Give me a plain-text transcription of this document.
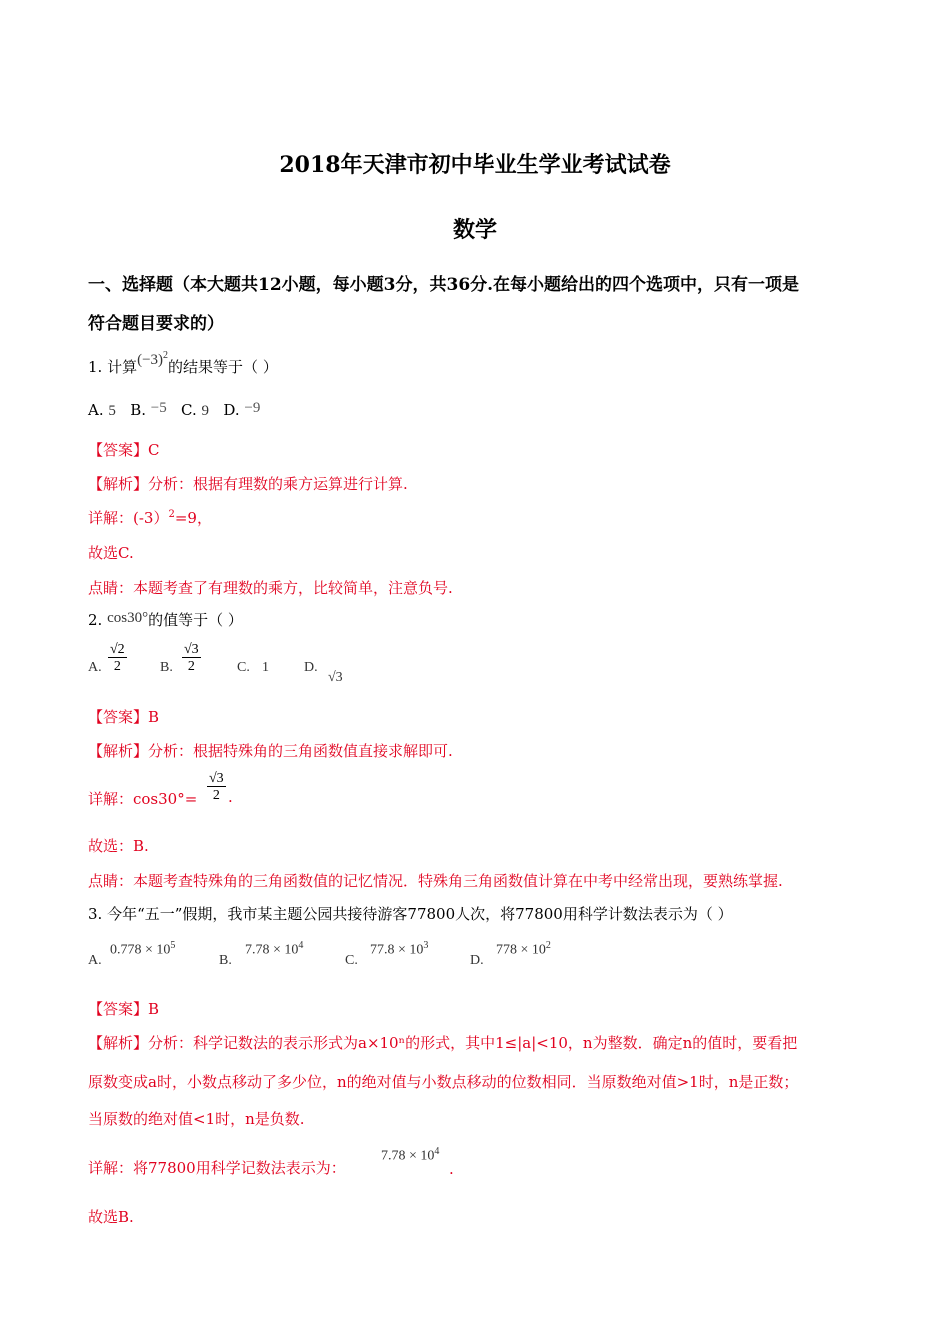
2018年天津市初中毕业生学业考试试卷
数学
一、选择题（本大题共12小题，每小题3分，共36分.在每小题给出的四个选项中，只有一项是
符合题目要求的）
1. 计算$(-3)^2$的结果等于（ ）
A. 5 B. −5 C. 9 D. −9
【答案】C
【解析】分析：根据有理数的乘方运算进行计算.
详解：(-3）$^2$=9，
故选C.
点睛：本题考查了有理数的乘方，比较简单，注意负号.
2. cos30°的值等于（ ）
A. $\frac{√2}{2} B$. $\frac{√3}{2}$	C. 1	D.
√3
【答案】B
【解析】分析：根据特殊角的三角函数值直接求解即可.
详解：$\cos 30^\circ= \frac{√3}{2}$ .
故选：B.
点睛：本题考查特殊角的三角函数值的记忆情况．特殊角三角函数值计算在中考中经常出现，要熟练掌握.
3. 今年“五一”假期，我市某主题公园共接待游客77800人次，将77800用科学计数法表示为（ ）
A.
$0.778 \times 10^5$
B.
$7.78 \times 10^4$
C.
$77.8 \times 10^3$
D.
$778 \times 10^2$
【答案】B
【解析】分析：科学记数法的表示形式为a×10ⁿ的形式，其中1≤|a|<10，n为整数．确定n的值时，要看把
原数变成a时，小数点移动了多少位，n的绝对值与小数点移动的位数相同．当原数绝对值>1时，n是正数；
当原数的绝对值<1时，n是负数.
详解：将77800用科学记数法表示为：
$7.78 \times 10^4$
.
故选B.
